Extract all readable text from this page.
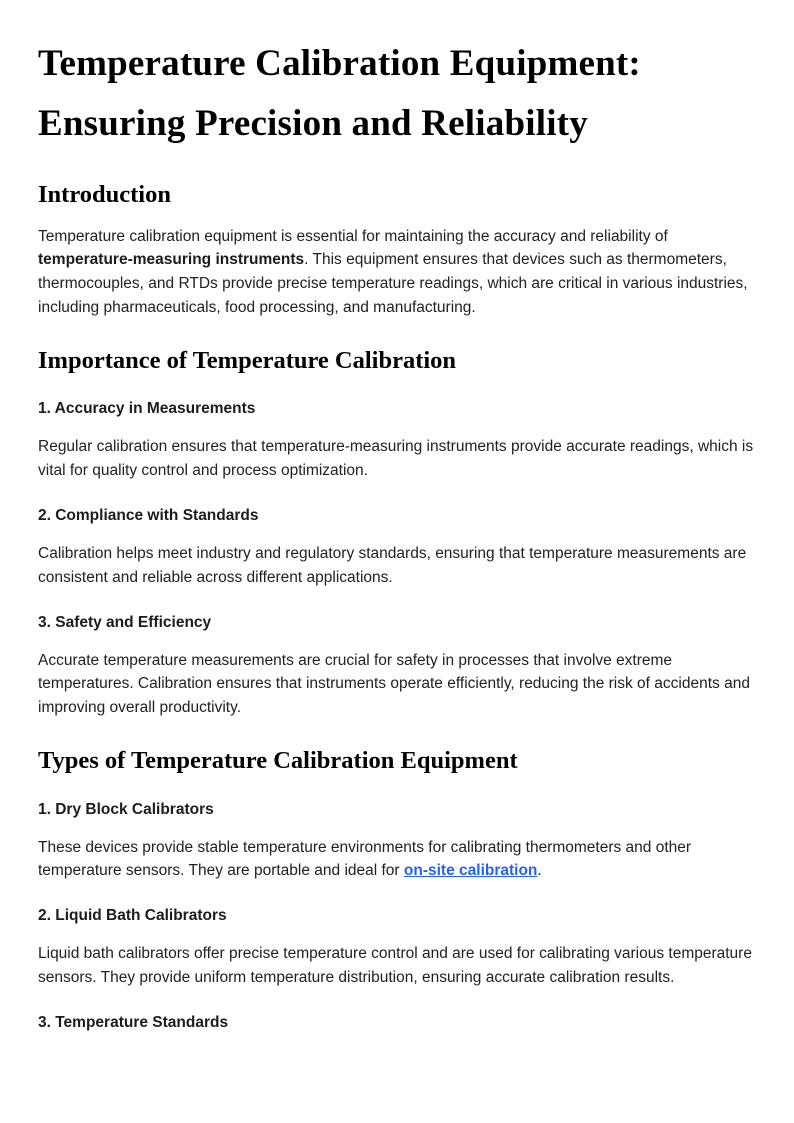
Temperature Calibration Equipment:
Ensuring Precision and Reliability
Introduction

Temperature calibration equipment is essential for maintaining the accuracy and reliability of temperature-measuring instruments. This equipment ensures that devices such as thermometers, thermocouples, and RTDs provide precise temperature readings, which are critical in various industries, including pharmaceuticals, food processing, and manufacturing.

Importance of Temperature Calibration
1. Accuracy in Measurements

Regular calibration ensures that temperature-measuring instruments provide accurate readings, which is vital for quality control and process optimization.

2. Compliance with Standards

Calibration helps meet industry and regulatory standards, ensuring that temperature measurements are consistent and reliable across different applications.

3. Safety and Efficiency

Accurate temperature measurements are crucial for safety in processes that involve extreme temperatures. Calibration ensures that instruments operate efficiently, reducing the risk of accidents and improving overall productivity.

Types of Temperature Calibration Equipment
1. Dry Block Calibrators

These devices provide stable temperature environments for calibrating thermometers and other temperature sensors. They are portable and ideal for on-site calibration.

2. Liquid Bath Calibrators

Liquid bath calibrators offer precise temperature control and are used for calibrating various temperature sensors. They provide uniform temperature distribution, ensuring accurate calibration results.

3. Temperature Standards
